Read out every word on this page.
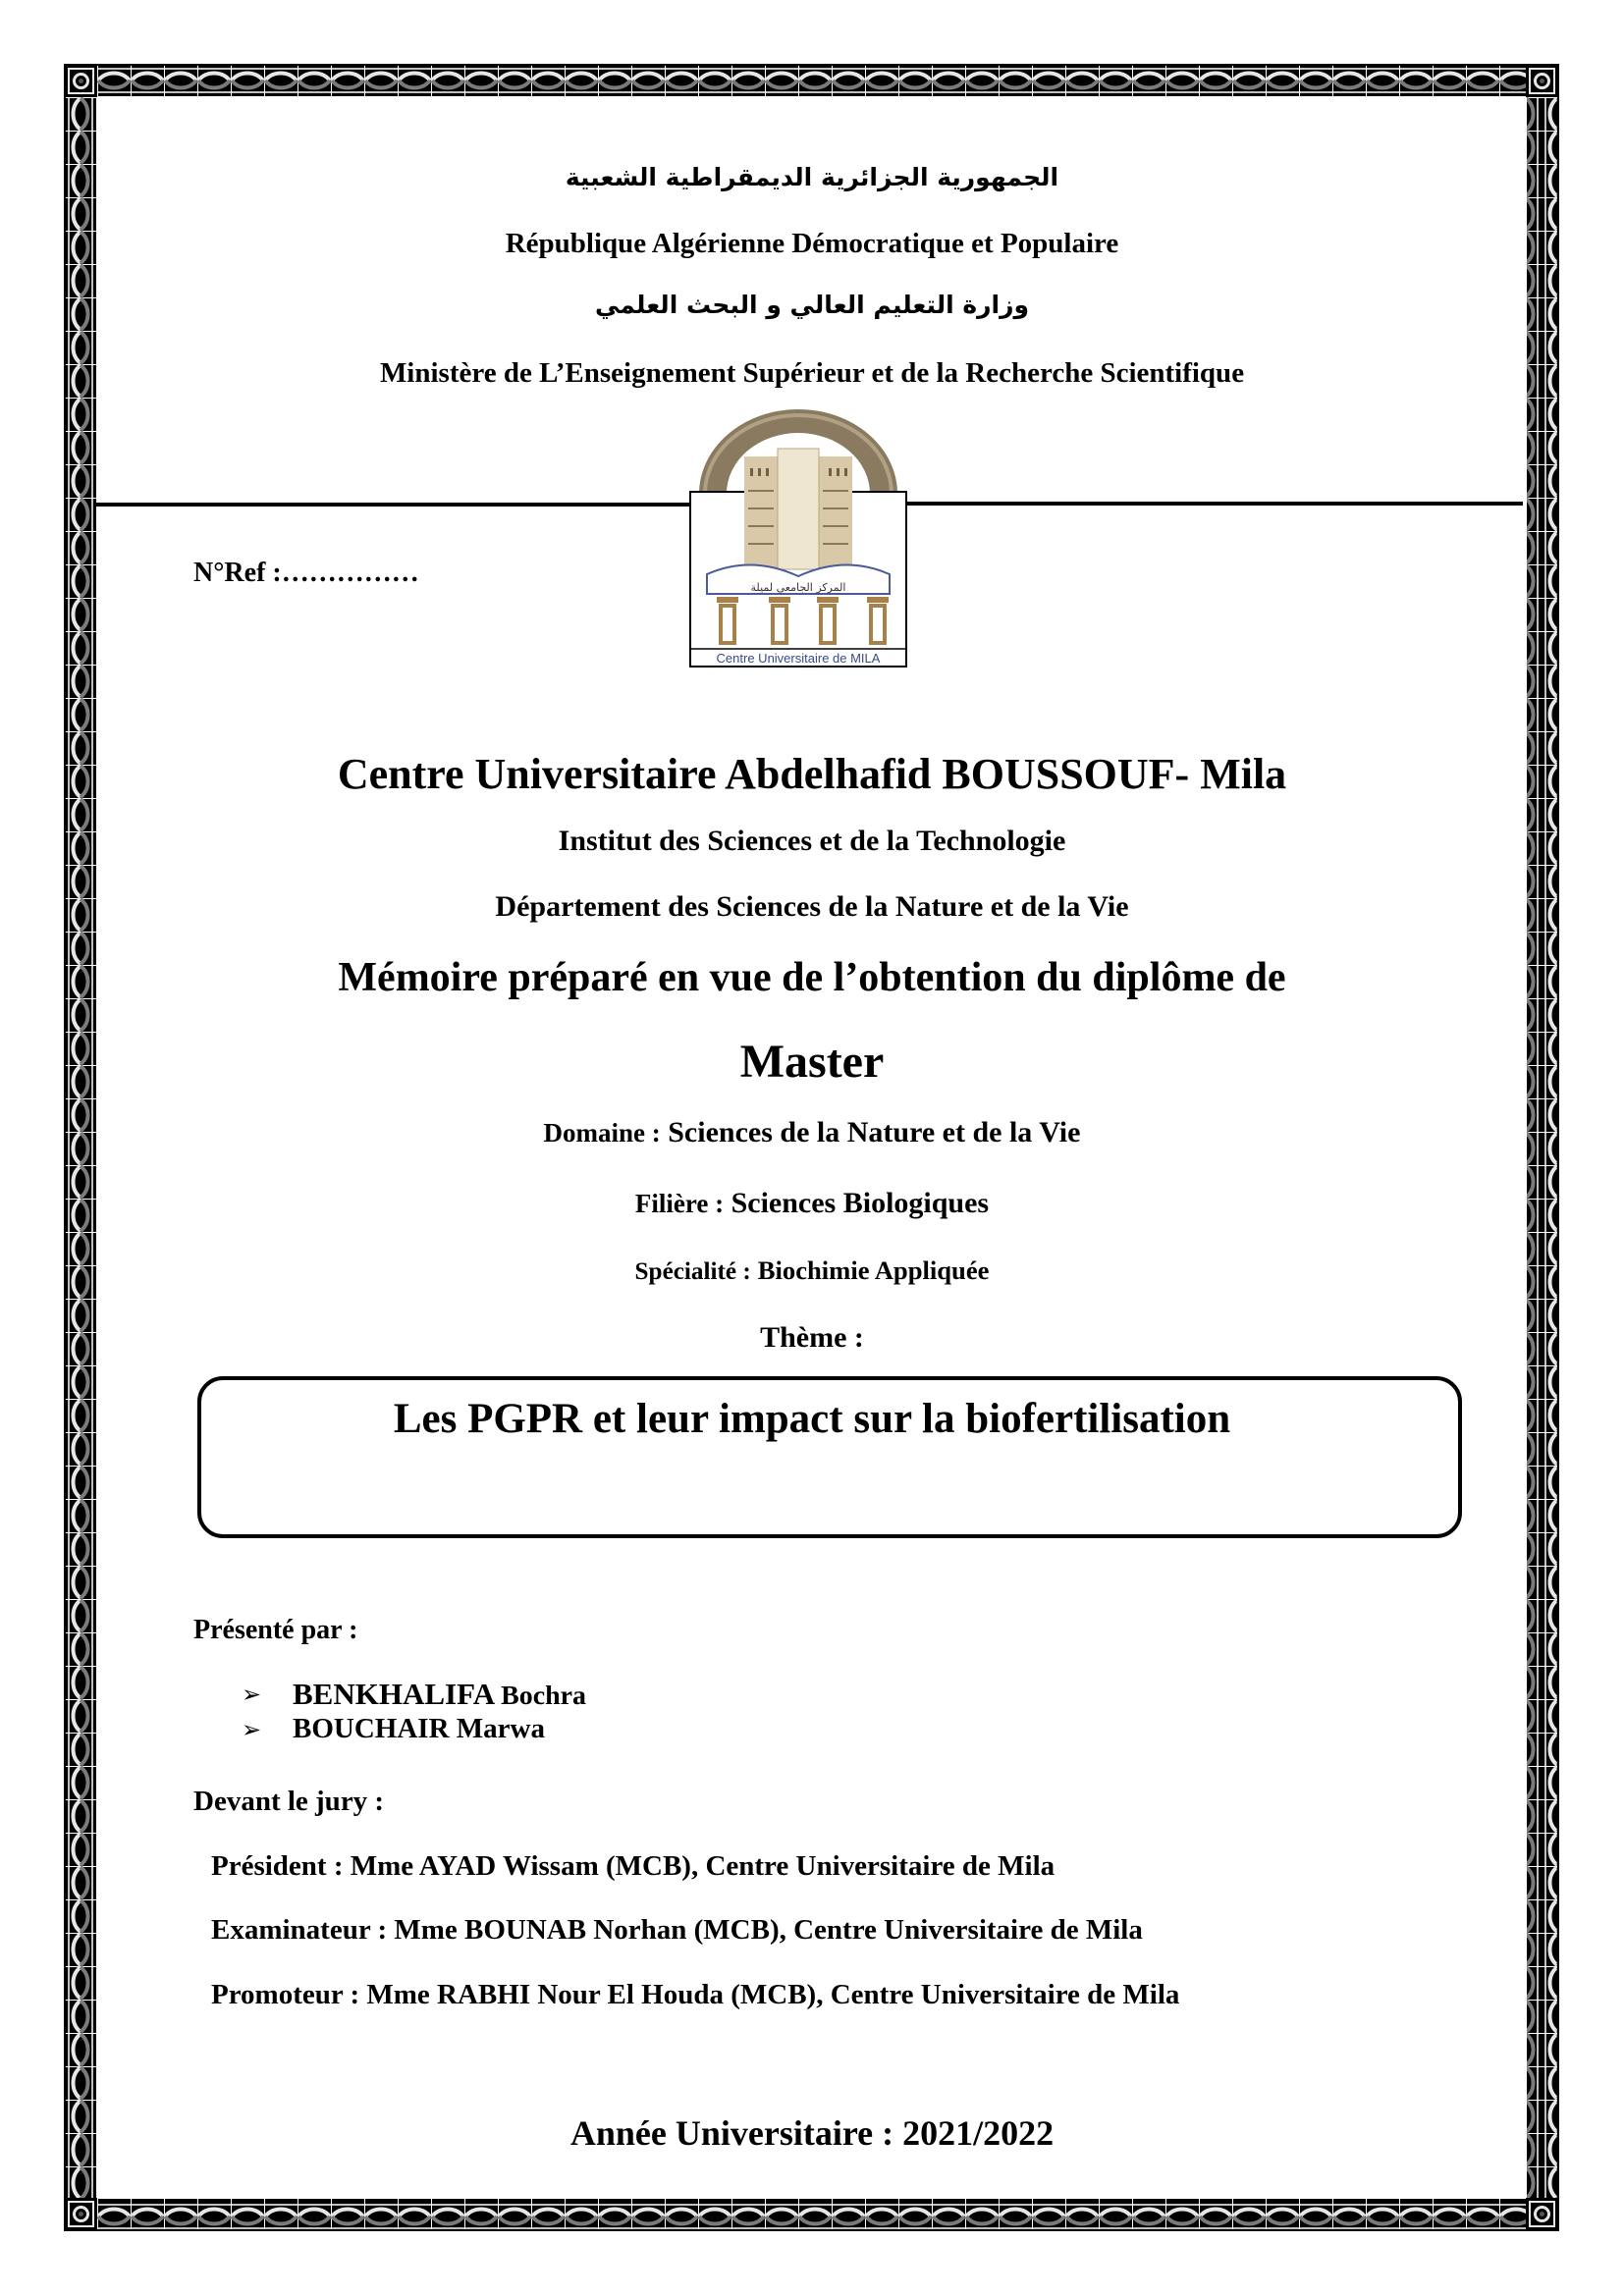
الجمهورية الجزائرية الديمقراطية الشعبية
République Algérienne Démocratique et Populaire
وزارة التعليم العالي و البحث العلمي
Ministère de L’Enseignement Supérieur et de la Recherche Scientifique
المركز الجامعي لميلة
Centre Universitaire de MILA
N°Ref :……………
Centre Universitaire Abdelhafid BOUSSOUF- Mila
Institut des Sciences et de la Technologie
Département des Sciences de la Nature et de la Vie
Mémoire préparé en vue de l’obtention du diplôme de
Master
Domaine : Sciences de la Nature et de la Vie
Filière : Sciences Biologiques
Spécialité : Biochimie Appliquée
Thème :
Les PGPR et leur impact sur la biofertilisation
Présenté par :
➢ BENKHALIFA Bochra
➢ BOUCHAIR Marwa
Devant le jury :
Président : Mme AYAD Wissam (MCB), Centre Universitaire de Mila
Examinateur : Mme BOUNAB Norhan (MCB), Centre Universitaire de Mila
Promoteur : Mme RABHI Nour El Houda (MCB), Centre Universitaire de Mila
Année Universitaire : 2021/2022
